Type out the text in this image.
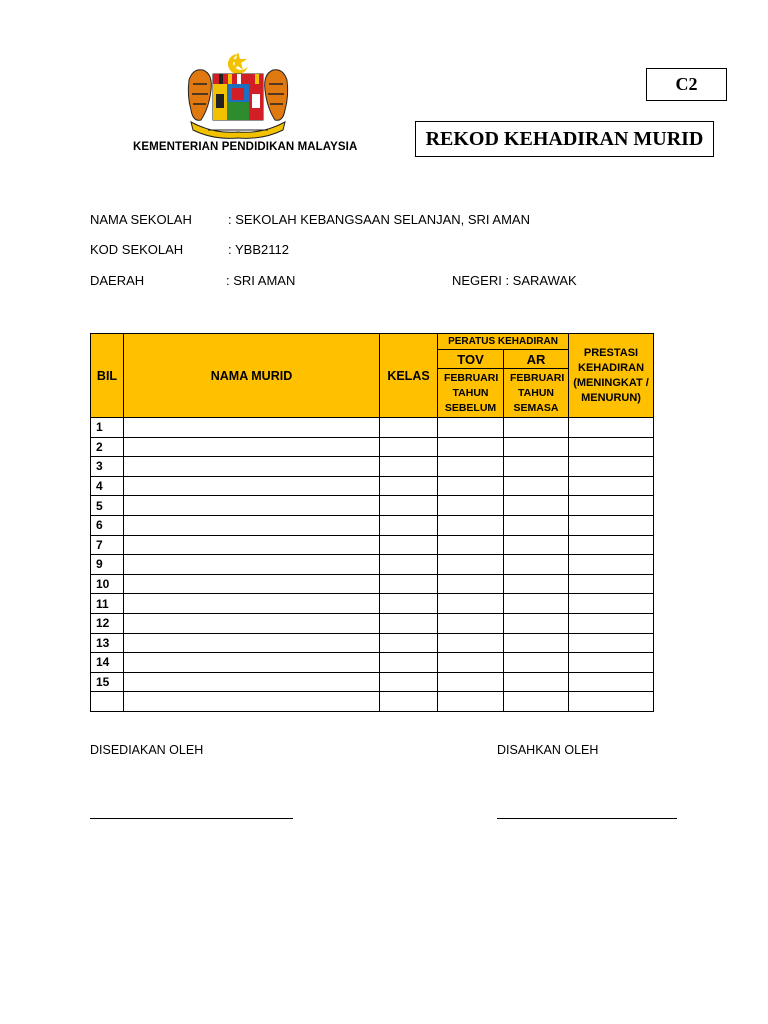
KEMENTERIAN PENDIDIKAN MALAYSIA
C2
REKOD KEHADIRAN MURID
NAMA SEKOLAH	: SEKOLAH KEBANGSAAN SELANJAN, SRI AMAN
KOD SEKOLAH	: YBB2112
DAERAH	: SRI AMAN	NEGERI : SARAWAK
BIL	NAMA MURID	KELAS	PERATUS KEHADIRAN		PRESTASI KEHADIRAN (MENINGKAT / MENURUN)
			TOV	AR	
			FEBRUARI TAHUN SEBELUM	FEBRUARI TAHUN SEMASA	
1					
2					
3					
4					
5					
6					
7					
9					
10					
11					
12					
13					
14					
15					

DISEDIAKAN OLEH	DISAHKAN OLEH
